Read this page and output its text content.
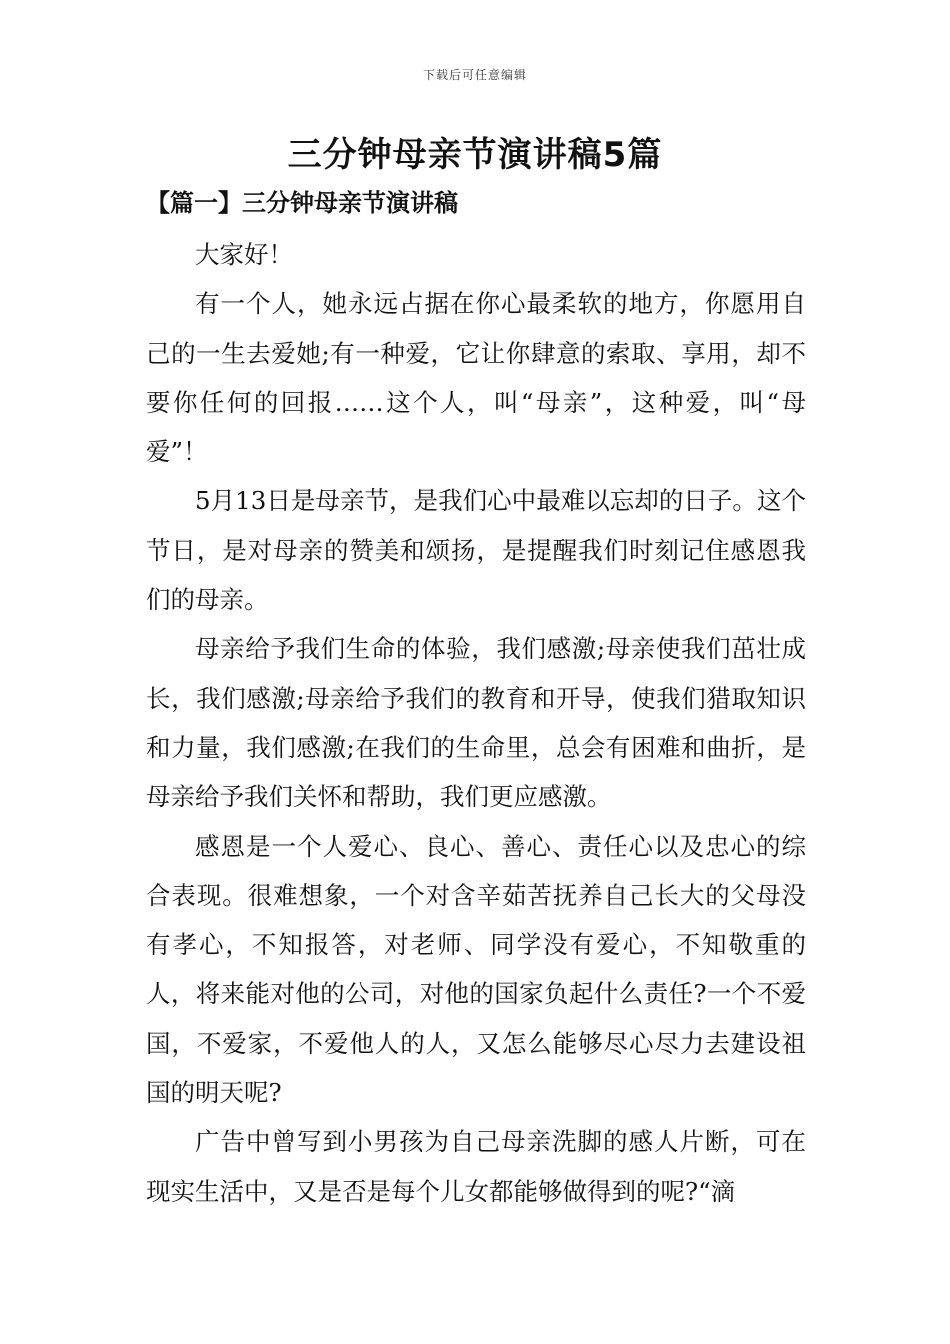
下载后可任意编辑
三分钟母亲节演讲稿5篇
【篇一】三分钟母亲节演讲稿

大家好！

有一个人，她永远占据在你心最柔软的地方，你愿用自己的一生去爱她;有一种爱，它让你肆意的索取、享用，却不要你任何的回报……这个人，叫“母亲”，这种爱，叫“母爱”！

5月13日是母亲节，是我们心中最难以忘却的日子。这个节日，是对母亲的赞美和颂扬，是提醒我们时刻记住感恩我们的母亲。

母亲给予我们生命的体验，我们感激;母亲使我们茁壮成长，我们感激;母亲给予我们的教育和开导，使我们猎取知识和力量，我们感激;在我们的生命里，总会有困难和曲折，是母亲给予我们关怀和帮助，我们更应感激。

感恩是一个人爱心、良心、善心、责任心以及忠心的综合表现。很难想象，一个对含辛茹苦抚养自己长大的父母没有孝心，不知报答，对老师、同学没有爱心，不知敬重的人，将来能对他的公司，对他的国家负起什么责任?一个不爱国，不爱家，不爱他人的人，又怎么能够尽心尽力去建设祖国的明天呢?

广告中曾写到小男孩为自己母亲洗脚的感人片断，可在现实生活中，又是否是每个儿女都能够做得到的呢?“滴
